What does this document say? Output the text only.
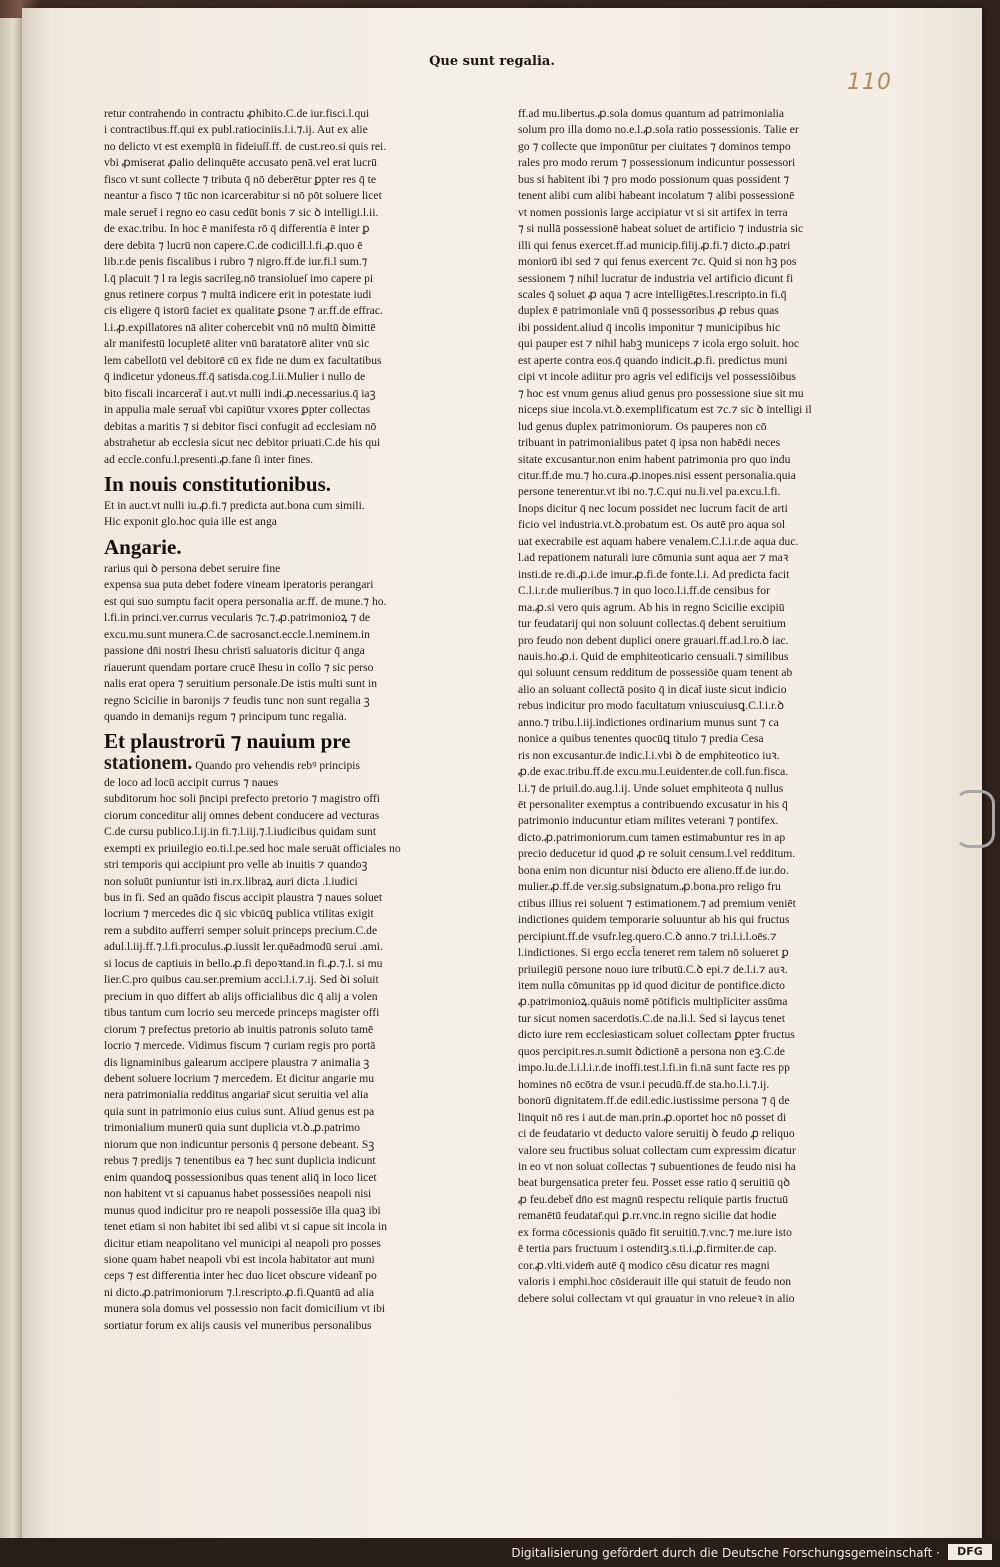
Que sunt regalia.
110

retur contrahendo in contractu ꝓhibito.C.de iur.fisci.l.qui

i contractibus.ff.qui ex publ.ratiociniis.l.i.⁊.ij. Aut ex alie

no delicto vt est exemplū in fideiuſſ.ff. de cust.reo.si quis rei.

vbi ꝓmiserat ꝓalio delinquēte accusato penā.vel erat lucrū

fisco vt sunt collecte ⁊ tributa q̄ nō deberētur ꝑpter res q̄ te

neantur a fisco ⁊ tūc non icarcerabitur si nō pōt soluere licet

male seruet̄ i regno eo casu cedūt bonis ⁊ sic ꝺ intelligi.l.ii.

de exac.tribu. In hoc ē manifesta rō q̄ differentia ē inter ꝑ

dere debita ⁊ lucrū non capere.C.de codicill.l.fi.ꝓ.quo ē

lib.r.de penis fiscalibus i rubro ⁊ nigro.ff.de iur.fi.l sum.⁊

l.q̄ placuit ⁊ l ra legis sacrileg.nō transiolueſ imo capere pi

gnus retinere corpus ⁊ multā indicere erit in potestate iudi

cis eligere q̄ istorū faciet ex qualitate ꝑsone ⁊ ar.ff.de effrac.

l.i.ꝓ.expillatores nā aliter cohercebit vnū nō multū ꝺimittē

alr manifestū locupletē aliter vnū baratatorē aliter vnū sic

lem cabellotū vel debitorē cū ex fide ne dum ex facultatibus

q̄ indicetur ydoneus.ff.q̄ satisda.cog.l.ii.Mulier i nullo de

bito fiscali incarcerat̄ i aut.vt nulli indi.ꝓ.necessarius.q̄ iaꝫ

in appulia male seruat̄ vbi capiūtur vxores ꝑpter collectas

debitas a maritis ⁊ si debitor fisci confugit ad ecclesiam nō

abstrahetur ab ecclesia sicut nec debitor priuati.C.de his qui

ad eccle.confu.l.presenti.ꝓ.fane ſi inter fines.

In nouis constitutionibus.

Et in auct.vt nulli iu.ꝓ.fi.⁊ predicta aut.bona cum simili.

Hic exponit glo.hoc quia ille est anga

Angarie.

rarius qui ꝺ persona debet seruire fine

expensa sua puta debet fodere vineam iperatoris perangari

est qui suo sumptu facit opera personalia ar.ff. de mune.⁊ ho.

l.fi.in princi.ver.currus vecularis ⁊c.⁊.ꝓ.patrimonioꝝ ⁊ de

excu.mu.sunt munera.C.de sacrosanct.eccle.l.neminem.in

passione dn̄i nostri Ihesu christi saluatoris dicitur q̄ anga

riauerunt quendam portare crucē Ihesu in collo ⁊ sic perso

nalis erat opera ⁊ seruitium personale.De istis multi sunt in

regno Scicilie in baronijs ⁊ feudis tunc non sunt regalia ꝫ

quando in demanijs regum ⁊ principum tunc regalia.

Et plaustrorū ⁊ nauium pre
stationem. Quando pro vehendis rebꝰ principis

de loco ad locū accipit currus ⁊ naues

subditorum hoc soli p̄ncipi prefecto pretorio ⁊ magistro offi

ciorum conceditur alij omnes debent conducere ad vecturas

C.de cursu publico.l.ij.in fi.⁊.l.iij.⁊.l.iudicibus quidam sunt

exempti ex priuilegio eo.ti.l.pe.sed hoc male seruāt officiales no

stri temporis qui accipiunt pro velle ab inuitis ⁊ quandoꝫ

non soluūt puniuntur isti in.rx.libraꝝ auri dicta .l.iudici

bus in fi. Sed an quādo fiscus accipit plaustra ⁊ naues soluet

locrium ⁊ mercedes dic q̄ sic vbicūꝗ publica vtilitas exigit

rem a subdito aufferri semper soluit princeps precium.C.de

adul.l.iij.ff.⁊.l.fi.proculus.ꝓ.iussit ler.quēadmodū serui .ami.

si locus de captiuis in bello.ꝓ.fi depoꝛtand.in fi.ꝓ.⁊.l. si mu

lier.C.pro quibus cau.ser.premium acci.l.i.⁊.ij. Sed ꝺi soluit

precium in quo differt ab alijs officialibus dic q̄ alij a volen

tibus tantum cum locrio seu mercede princeps magister offi

ciorum ⁊ prefectus pretorio ab inuitis patronis soluto tamē

locrio ⁊ mercede. Vidimus fiscum ⁊ curiam regis pro portā

dis lignaminibus galearum accipere plaustra ⁊ animalia ꝫ

debent soluere locrium ⁊ mercedem. Et dicitur angarie mu

nera patrimonialia redditus angariar̄ sicut seruitia vel alia

quia sunt in patrimonio eius cuius sunt. Aliud genus est pa

trimonialium munerū quia sunt duplicia vt.ꝺ.ꝓ.patrimo

niorum que non indicuntur personis q̄ persone debeant. Sꝫ

rebus ⁊ predijs ⁊ tenentibus ea ⁊ hec sunt duplicia indicunt

enim quandoꝗ possessionibus quas tenent aliq̄ in loco licet

non habitent vt si capuanus habet possessiōes neapoli nisi

munus quod indicitur pro re neapoli possessiōe illa quaꝫ ibi

tenet etiam si non habitet ibi sed alibi vt si capue sit incola in

dicitur etiam neapolitano vel municipi al neapoli pro posses

sione quam habet neapoli vbi est incola habitator aut muni

ceps ⁊ est differentia inter hec duo licet obscure videant̄ po

ni dicto.ꝓ.patrimoniorum ⁊.l.rescripto.ꝓ.fi.Quantū ad alia

munera sola domus vel possessio non facit domicilium vt ibi

sortiatur forum ex alijs causis vel muneribus personalibus

ff.ad mu.libertus.ꝓ.sola domus quantum ad patrimonialia

solum pro illa domo no.e.l.ꝓ.sola ratio possessionis. Talie er

go ⁊ collecte que imponūtur per ciuitates ⁊ dominos tempo

rales pro modo rerum ⁊ possessionum indicuntur possessori

bus si habitent ibi ⁊ pro modo possionum quas possident ⁊

tenent alibi cum alibi habeant incolatum ⁊ alibi possessionē

vt nomen possionis large accipiatur vt si sit artifex in terra

⁊ si nullā possessionē habeat soluet de artificio ⁊ industria sic

illi qui fenus exercet.ff.ad municip.filij.ꝓ.fi.⁊ dicto.ꝓ.patri

moniorū ibi sed ⁊ qui fenus exercent ⁊c. Quid si non hꝫ pos

sessionem ⁊ nihil lucratur de industria vel artificio dicunt fi

scales q̄ soluet ꝓ aqua ⁊ acre intelligētes.l.rescripto.in fi.q̄

duplex ē patrimoniale vnū q̄ possessoribus ꝓ rebus quas

ibi possident.aliud q̄ incolis imponitur ⁊ municipibus hic

qui pauper est ⁊ nihil habꝫ municeps ⁊ icola ergo soluit. hoc

est aperte contra eos.q̄ quando indicit.ꝓ.fi. predictus muni

cipi vt incole adiitur pro agris vel edificijs vel possessiōibus

⁊ hoc est vnum genus aliud genus pro possessione siue sit mu

niceps siue incola.vt.ꝺ.exemplificatum est ⁊c.⁊ sic ꝺ intelligi il

lud genus duplex patrimoniorum. Os pauperes non cō

tribuant in patrimonialibus patet q̄ ipsa non habēdi neces

sitate excusantur.non enim habent patrimonia pro quo indu

citur.ff.de mu.⁊ ho.cura.ꝓ.inopes.nisi essent personalia.quia

persone tenerentur.vt ibi no.⁊.C.qui nu.li.vel pa.excu.l.fi.

Inops dicitur q̄ nec locum possidet nec lucrum facit de arti

ficio vel industria.vt.ꝺ.probatum est. Os autē pro aqua sol

uat execrabile est aquam habere venalem.C.l.i.r.de aqua duc.

l.ad repationem naturali iure cōmunia sunt aqua aer ⁊ maꝛ

insti.de re.di.ꝓ.i.de imur.ꝓ.fi.de fonte.l.i. Ad predicta facit

C.l.i.r.de mulieribus.⁊ in quo loco.l.i.ff.de censibus for

ma.ꝓ.si vero quis agrum. Ab his in regno Scicilie excipiū

tur feudatarij qui non soluunt collectas.q̄ debent seruitium

pro feudo non debent duplici onere grauari.ff.ad.l.ro.ꝺ iac.

nauis.ho.ꝓ.i. Quid de emphiteoticario censuali.⁊ similibus

qui soluunt censum redditum de possessiōe quam tenent ab

alio an soluant collectā posito q̄ in dicat̄ iuste sicut indicio

rebus indicitur pro modo facultatum vniuscuiusꝗ.C.l.i.r.ꝺ

anno.⁊ tribu.l.iij.indictiones ordinarium munus sunt ⁊ ca

nonice a quibus tenentes quocūꝗ titulo ⁊ predia Cesa

ris non excusantur.de indic.l.i.vbi ꝺ de emphiteotico iuꝛ.

ꝓ.de exac.tribu.ff.de excu.mu.l.euidenter.de coll.fun.fisca.

l.i.⁊ de priuil.do.aug.l.ij. Unde soluet emphiteota q̄ nullus

ēt personaliter exemptus a contribuendo excusatur in his q̄

patrimonio inducuntur etiam milites veterani ⁊ pontifex.

dicto.ꝓ.patrimoniorum.cum tamen estimabuntur res in ap

precio deducetur id quod ꝓ re soluit censum.l.vel redditum.

bona enim non dicuntur nisi ꝺducto ere alieno.ff.de iur.do.

mulier.ꝓ.ff.de ver.sig.subsignatum.ꝓ.bona.pro religo fru

ctibus illius rei soluent ⁊ estimationem.⁊ ad premium veniēt

indictiones quidem temporarie soluuntur ab his qui fructus

percipiunt.ff.de vsufr.leg.quero.C.ꝺ anno.⁊ tri.l.i.l.oēs.⁊

l.indictiones. Si ergo eccl̄a teneret rem talem nō solueret ꝑ

priuilegiū persone nouo iure tributū.C.ꝺ epi.⁊ de.l.i.⁊ auꝛ.

item nulla cōmunitas pp id quod dicitur de pontifice.dicto

ꝓ.patrimonioꝝ.quāuis nomē pōtificis multipliciter assūma

tur sicut nomen sacerdotis.C.de na.li.l. Sed si laycus tenet

dicto iure rem ecclesiasticam soluet collectam ꝑpter fructus

quos percipit.res.n.sumit ꝺdictionē a persona non eꝫ.C.de

impo.lu.de.l.i.l.i.r.de inoffi.test.l.fi.in fi.nā sunt facte res pp

homines nō ecōtra de vsur.i pecudū.ff.de sta.ho.l.i.⁊.ij.

bonorū dignitatem.ff.de edil.edic.iustissime persona ⁊ q̄ de

linquit nō res i aut.de man.prin.ꝓ.oportet hoc nō posset di

ci de feudatario vt deducto valore seruitij ꝺ feudo ꝓ reliquo

valore seu fructibus soluat collectam cum expressim dicatur

in eo vt non soluat collectas ⁊ subuentiones de feudo nisi ha

beat burgensatica preter feu. Posset esse ratio q̄ seruitiū qꝺ

ꝓ feu.debet̄ dn̄o est magnū respectu reliquie partis fructuū

remanētū feudatar̄.qui ꝑ.rr.vnc.in regno sicilie dat hodie

ex forma cōcessionis quādo fit seruitiū.⁊.vnc.⁊ me.iure isto

ē tertia pars fructuum i ostenditꝫ.s.ti.i.ꝓ.firmiter.de cap.

cor.ꝓ.vlti.videm̄ autē q̄ modico cēsu dicatur res magni

valoris i emphi.hoc cōsiderauit ille qui statuit de feudo non

debere solui collectam vt qui grauatur in vno releueꝛ in alio

Digitalisierung gefördert durch die Deutsche Forschungsgemeinschaft ·	DFG
